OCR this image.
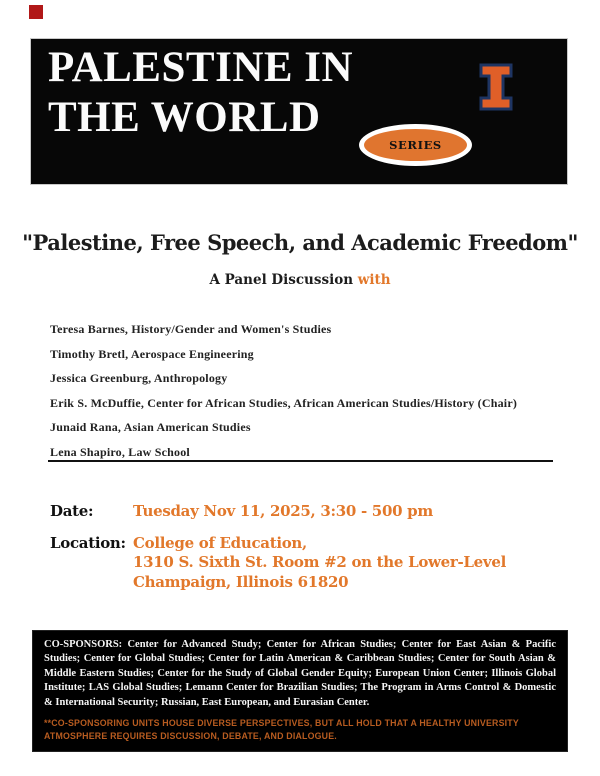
PALESTINE IN
THE WORLD
SERIES
"Palestine, Free Speech, and Academic Freedom"
A Panel Discussion with
Teresa Barnes, History/Gender and Women's Studies
Timothy Bretl, Aerospace Engineering
Jessica Greenburg, Anthropology
Erik S. McDuffie, Center for African Studies, African American Studies/History (Chair)
Junaid Rana, Asian American Studies
Lena Shapiro, Law School
Date:	Tuesday Nov 11, 2025, 3:30 - 500 pm
Location: College of Education,
1310 S. Sixth St. Room #2 on the Lower-Level
Champaign, Illinois 61820

CO-SPONSORS: Center for Advanced Study; Center for African Studies; Center for East Asian & Pacific Studies; Center for Global Studies; Center for Latin American & Caribbean Studies; Center for South Asian & Middle Eastern Studies; Center for the Study of Global Gender Equity; European Union Center; Illinois Global Institute; LAS Global Studies; Lemann Center for Brazilian Studies; The Program in Arms Control & Domestic & International Security; Russian, East European, and Eurasian Center.

**CO-SPONSORING UNITS HOUSE DIVERSE PERSPECTIVES, BUT ALL HOLD THAT A HEALTHY UNIVERSITY ATMOSPHERE REQUIRES DISCUSSION, DEBATE, AND DIALOGUE.
